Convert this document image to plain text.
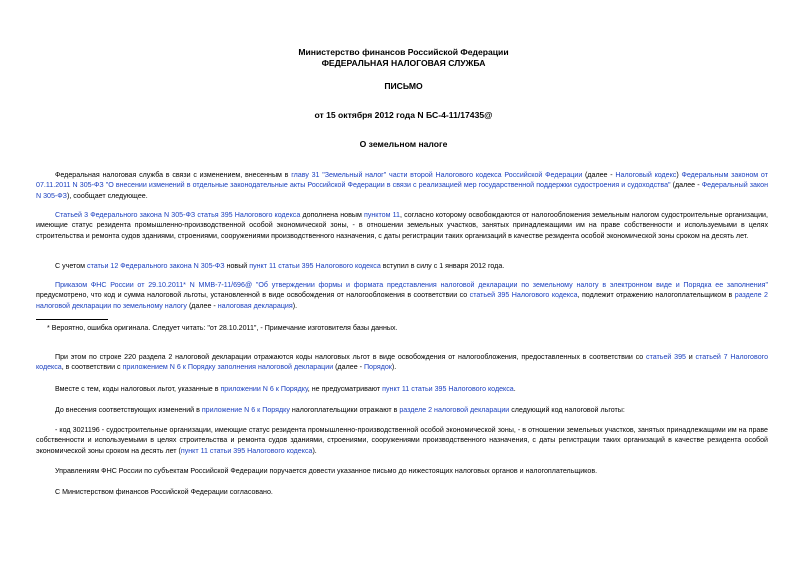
Министерство финансов Российской Федерации
ФЕДЕРАЛЬНАЯ НАЛОГОВАЯ СЛУЖБА
ПИСЬМО
от 15 октября 2012 года N БС-4-11/17435@
О земельном налоге

Федеральная налоговая служба в связи с изменением, внесенным в главу 31 "Земельный налог" части второй Налогового кодекса Российской Федерации (далее - Налоговый кодекс) Федеральным законом от 07.11.2011 N 305-ФЗ "О внесении изменений в отдельные законодательные акты Российской Федерации в связи с реализацией мер государственной поддержки судостроения и судоходства" (далее - Федеральный закон N 305-ФЗ), сообщает следующее.

Статьей 3 Федерального закона N 305-ФЗ статья 395 Налогового кодекса дополнена новым пунктом 11, согласно которому освобождаются от налогообложения земельным налогом судостроительные организации, имеющие статус резидента промышленно-производственной особой экономической зоны, - в отношении земельных участков, занятых принадлежащими им на праве собственности и используемыми в целях строительства и ремонта судов зданиями, строениями, сооружениями производственного назначения, с даты регистрации таких организаций в качестве резидента особой экономической зоны сроком на десять лет.

С учетом статьи 12 Федерального закона N 305-ФЗ новый пункт 11 статьи 395 Налогового кодекса вступил в силу с 1 января 2012 года.

Приказом ФНС России от 29.10.2011* N ММВ-7-11/696@ "Об утверждении формы и формата представления налоговой декларации по земельному налогу в электронном виде и Порядка ее заполнения" предусмотрено, что код и сумма налоговой льготы, установленной в виде освобождения от налогообложения в соответствии со статьей 395 Налогового кодекса, подлежит отражению налогоплательщиком в разделе 2 налоговой декларации по земельному налогу (далее - налоговая декларация).

* Вероятно, ошибка оригинала. Следует читать: "от 28.10.2011", - Примечание изготовителя базы данных.

При этом по строке 220 раздела 2 налоговой декларации отражаются коды налоговых льгот в виде освобождения от налогообложения, предоставленных в соответствии со статьей 395 и статьей 7 Налогового кодекса, в соответствии с приложением N 6 к Порядку заполнения налоговой декларации (далее - Порядок).

Вместе с тем, коды налоговых льгот, указанные в приложении N 6 к Порядку, не предусматривают пункт 11 статьи 395 Налогового кодекса.

До внесения соответствующих изменений в приложение N 6 к Порядку налогоплательщики отражают в разделе 2 налоговой декларации следующий код налоговой льготы:

- код 3021196 - судостроительные организации, имеющие статус резидента промышленно-производственной особой экономической зоны, - в отношении земельных участков, занятых принадлежащими им на праве собственности и используемыми в целях строительства и ремонта судов зданиями, строениями, сооружениями производственного назначения, с даты регистрации таких организаций в качестве резидента особой экономической зоны сроком на десять лет (пункт 11 статьи 395 Налогового кодекса).

Управлениям ФНС России по субъектам Российской Федерации поручается довести указанное письмо до нижестоящих налоговых органов и налогоплательщиков.

С Министерством финансов Российской Федерации согласовано.
